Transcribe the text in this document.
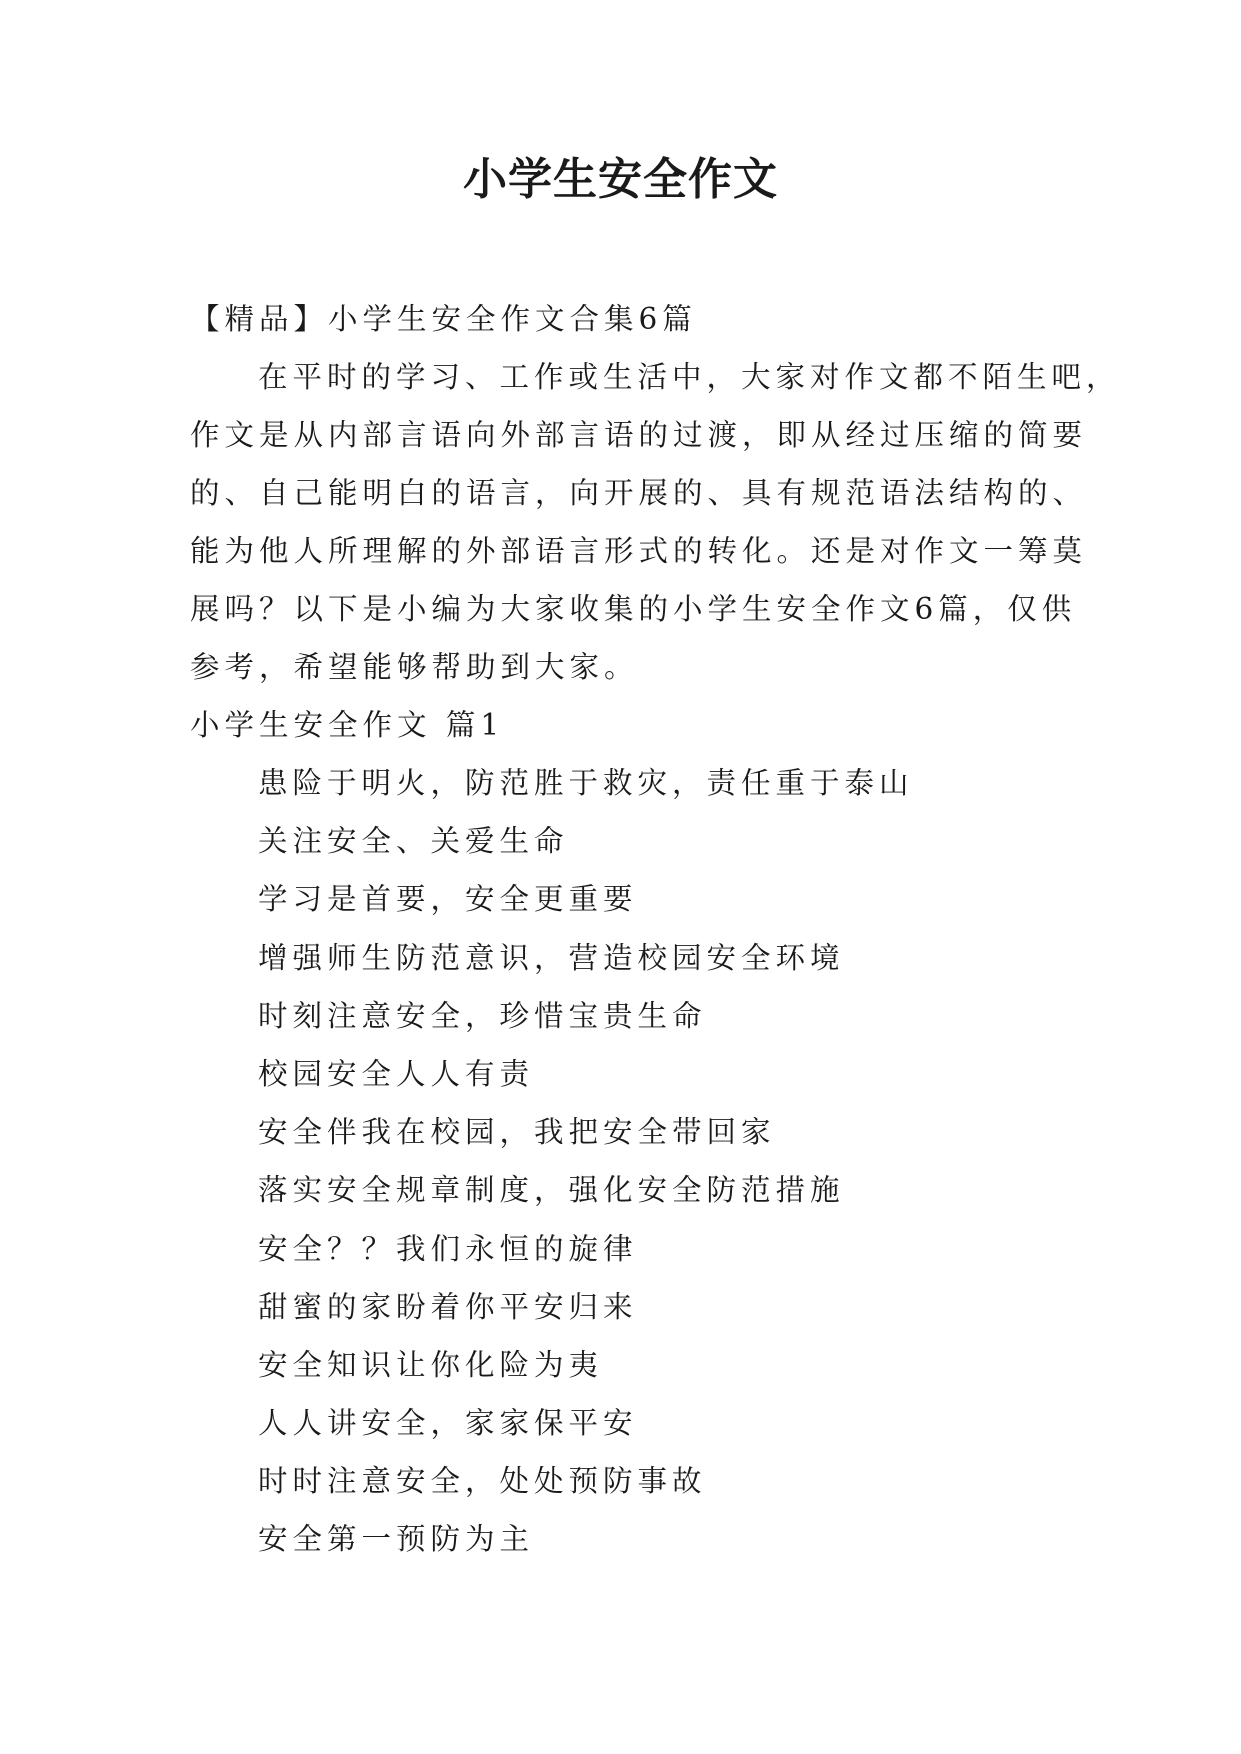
小学生安全作文
【精品】小学生安全作文合集6篇
在平时的学习、工作或生活中，大家对作文都不陌生吧，
作文是从内部言语向外部言语的过渡，即从经过压缩的简要
的、自己能明白的语言，向开展的、具有规范语法结构的、
能为他人所理解的外部语言形式的转化。还是对作文一筹莫
展吗？以下是小编为大家收集的小学生安全作文6篇，仅供
参考，希望能够帮助到大家。
小学生安全作文 篇1
患险于明火，防范胜于救灾，责任重于泰山
关注安全、关爱生命
学习是首要，安全更重要
增强师生防范意识，营造校园安全环境
时刻注意安全，珍惜宝贵生命
校园安全人人有责
安全伴我在校园，我把安全带回家
落实安全规章制度，强化安全防范措施
安全？？我们永恒的旋律
甜蜜的家盼着你平安归来
安全知识让你化险为夷
人人讲安全，家家保平安
时时注意安全，处处预防事故
安全第一预防为主
